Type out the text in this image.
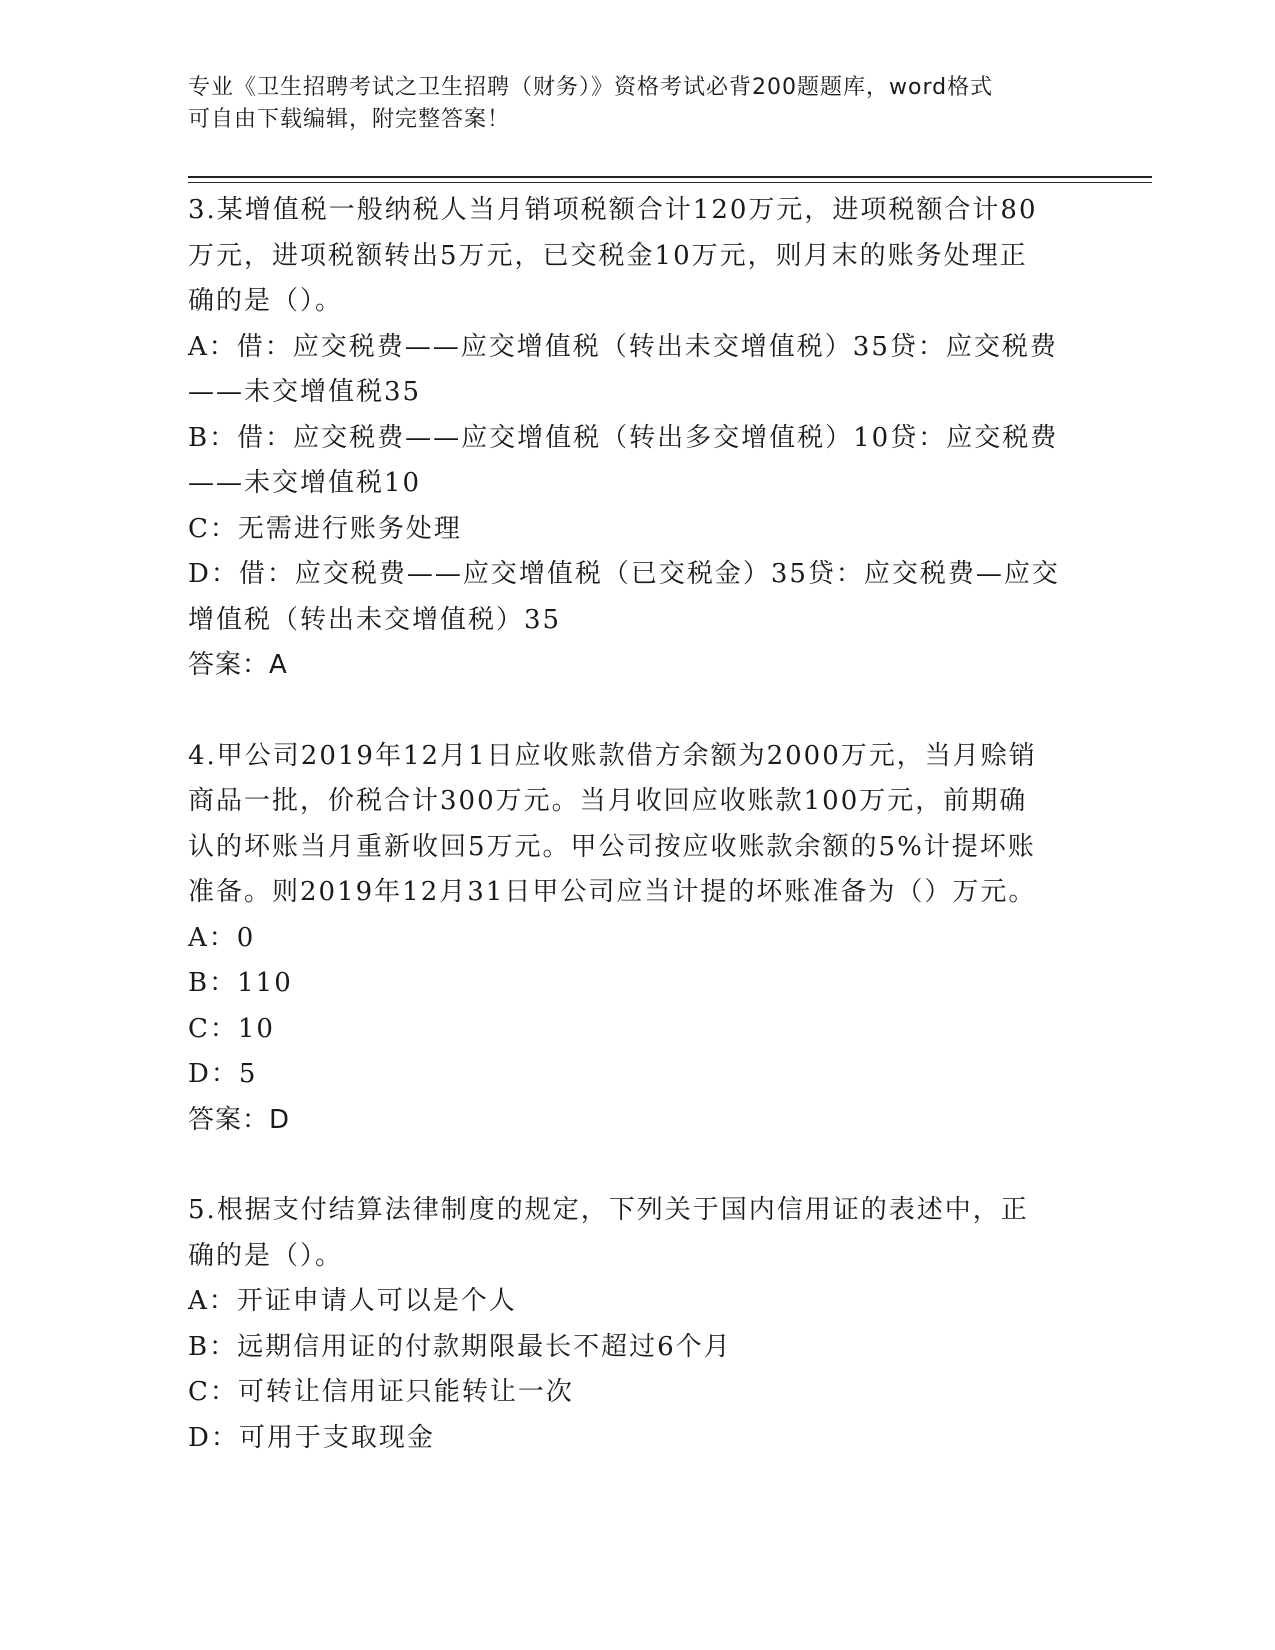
专业《卫生招聘考试之卫生招聘（财务）》资格考试必背200题题库，word格式
可自由下载编辑，附完整答案！
3.某增值税一般纳税人当月销项税额合计120万元，进项税额合计80
万元，进项税额转出5万元，已交税金10万元，则月末的账务处理正
确的是（）。
A：借：应交税费——应交增值税（转出未交增值税）35贷：应交税费
——未交增值税35
B：借：应交税费——应交增值税（转出多交增值税）10贷：应交税费
——未交增值税10
C：无需进行账务处理
D：借：应交税费——应交增值税（已交税金）35贷：应交税费—应交
增值税（转出未交增值税）35
答案：A
4.甲公司2019年12月1日应收账款借方余额为2000万元，当月赊销
商品一批，价税合计300万元。当月收回应收账款100万元，前期确
认的坏账当月重新收回5万元。甲公司按应收账款余额的5%计提坏账
准备。则2019年12月31日甲公司应当计提的坏账准备为（）万元。
A：0
B：110
C：10
D：5
答案：D
5.根据支付结算法律制度的规定，下列关于国内信用证的表述中，正
确的是（）。
A：开证申请人可以是个人
B：远期信用证的付款期限最长不超过6个月
C：可转让信用证只能转让一次
D：可用于支取现金
